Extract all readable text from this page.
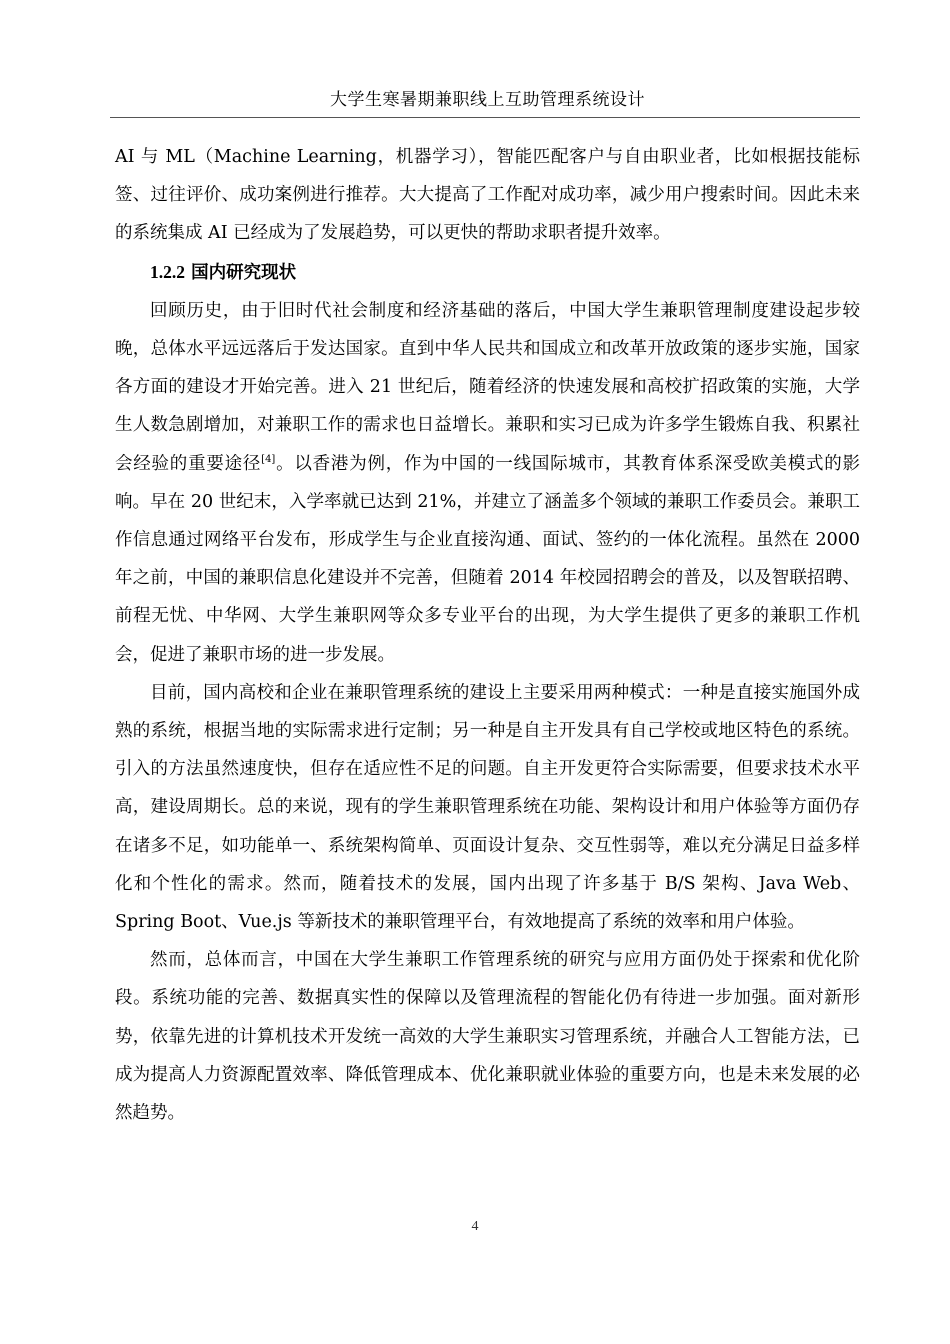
大学生寒暑期兼职线上互助管理系统设计

AI 与 ML（Machine Learning，机器学习），智能匹配客户与自由职业者，比如根据技能标签、过往评价、成功案例进行推荐。大大提高了工作配对成功率，减少用户搜索时间。因此未来的系统集成 AI 已经成为了发展趋势，可以更快的帮助求职者提升效率。

1.2.2 国内研究现状

回顾历史，由于旧时代社会制度和经济基础的落后，中国大学生兼职管理制度建设起步较晚，总体水平远远落后于发达国家。直到中华人民共和国成立和改革开放政策的逐步实施，国家各方面的建设才开始完善。进入 21 世纪后，随着经济的快速发展和高校扩招政策的实施，大学生人数急剧增加，对兼职工作的需求也日益增长。兼职和实习已成为许多学生锻炼自我、积累社会经验的重要途径[4]。以香港为例，作为中国的一线国际城市，其教育体系深受欧美模式的影响。早在 20 世纪末，入学率就已达到 21%，并建立了涵盖多个领域的兼职工作委员会。兼职工作信息通过网络平台发布，形成学生与企业直接沟通、面试、签约的一体化流程。虽然在 2000 年之前，中国的兼职信息化建设并不完善，但随着 2014 年校园招聘会的普及，以及智联招聘、前程无忧、中华网、大学生兼职网等众多专业平台的出现，为大学生提供了更多的兼职工作机会，促进了兼职市场的进一步发展。

目前，国内高校和企业在兼职管理系统的建设上主要采用两种模式：一种是直接实施国外成熟的系统，根据当地的实际需求进行定制；另一种是自主开发具有自己学校或地区特色的系统。引入的方法虽然速度快，但存在适应性不足的问题。自主开发更符合实际需要，但要求技术水平高，建设周期长。总的来说，现有的学生兼职管理系统在功能、架构设计和用户体验等方面仍存在诸多不足，如功能单一、系统架构简单、页面设计复杂、交互性弱等，难以充分满足日益多样化和个性化的需求。然而，随着技术的发展，国内出现了许多基于 B/S 架构、Java Web、Spring Boot、Vue.js 等新技术的兼职管理平台，有效地提高了系统的效率和用户体验。

然而，总体而言，中国在大学生兼职工作管理系统的研究与应用方面仍处于探索和优化阶段。系统功能的完善、数据真实性的保障以及管理流程的智能化仍有待进一步加强。面对新形势，依靠先进的计算机技术开发统一高效的大学生兼职实习管理系统，并融合人工智能方法，已成为提高人力资源配置效率、降低管理成本、优化兼职就业体验的重要方向，也是未来发展的必然趋势。

4
